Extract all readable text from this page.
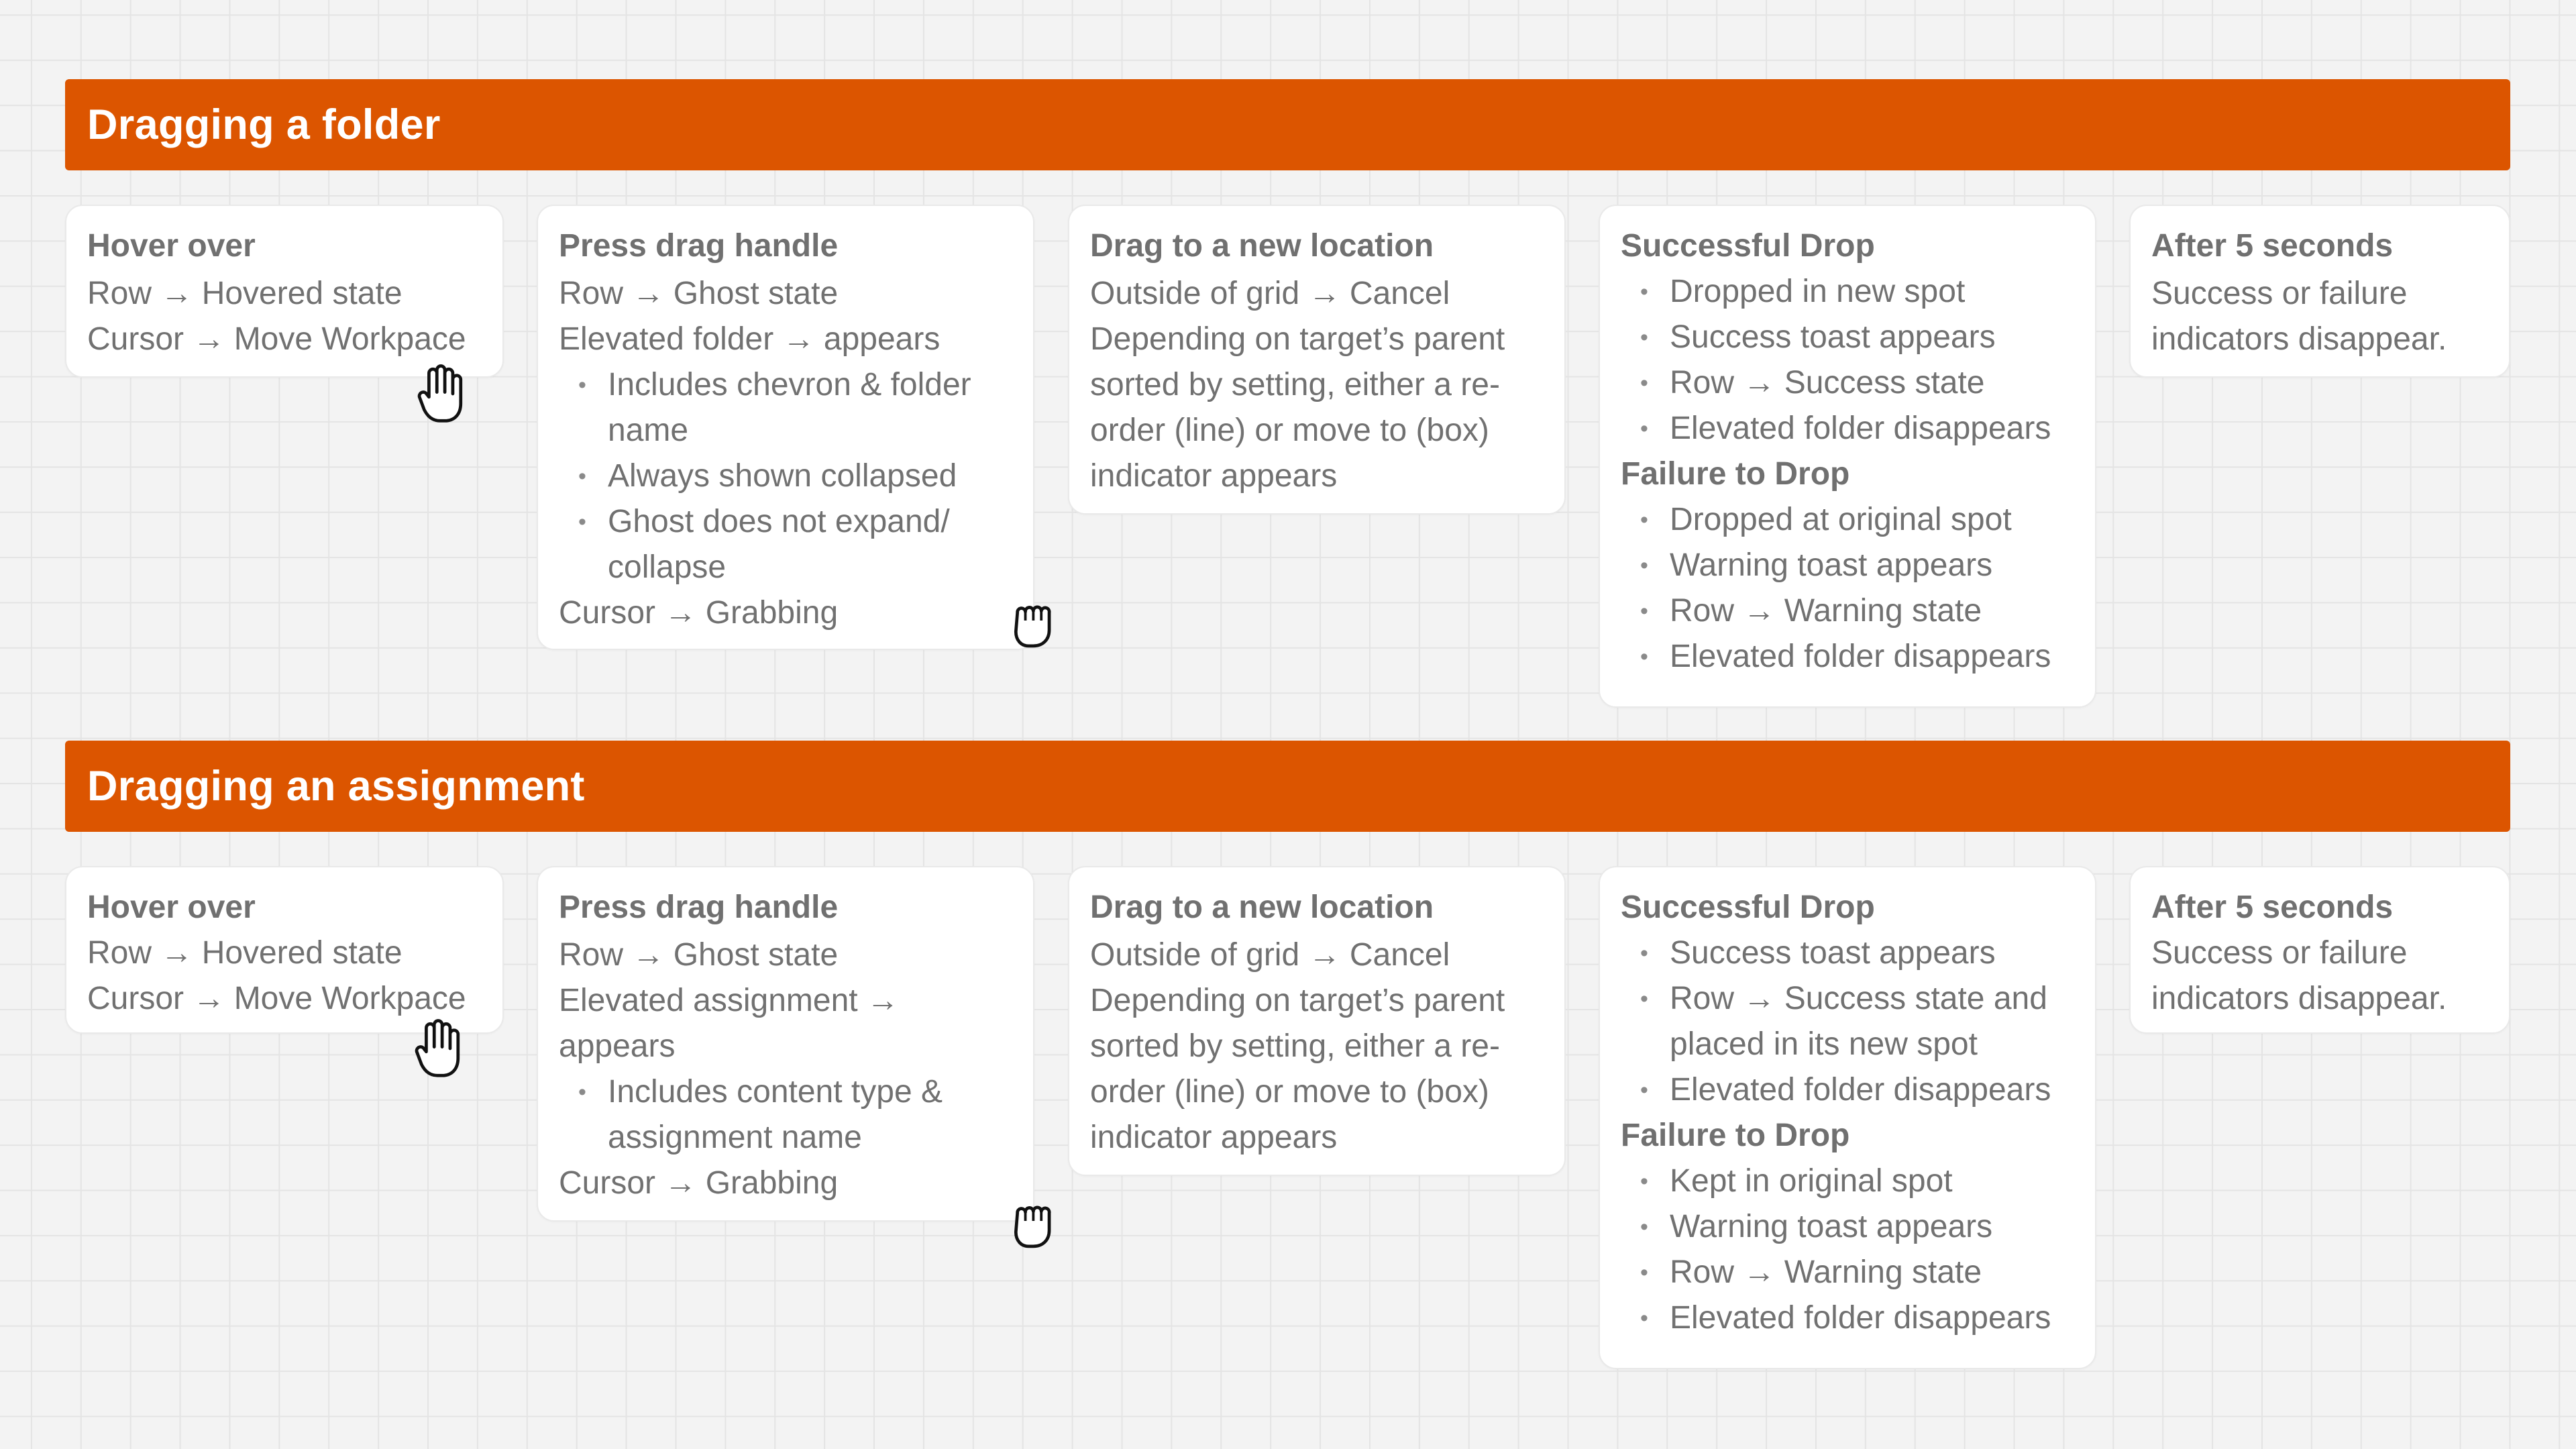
Dragging a folder
Hover over
Row → Hovered state
Cursor → Move Workpace
Press drag handle
Row → Ghost state
Elevated folder → appears
• Includes chevron & folder name
• Always shown collapsed
• Ghost does not expand/ collapse
Cursor → Grabbing
Drag to a new location
Outside of grid → Cancel
Depending on target’s parent sorted by setting, either a re-order (line) or move to (box) indicator appears
Successful Drop
• Dropped in new spot
• Success toast appears
• Row → Success state
• Elevated folder disappears
Failure to Drop
• Dropped at original spot
• Warning toast appears
• Row → Warning state
• Elevated folder disappears
After 5 seconds
Success or failure indicators disappear.
Dragging an assignment
Hover over
Row → Hovered state
Cursor → Move Workpace
Press drag handle
Row → Ghost state
Elevated assignment → appears
• Includes content type & assignment name
Cursor → Grabbing
Drag to a new location
Outside of grid → Cancel
Depending on target’s parent sorted by setting, either a re-order (line) or move to (box) indicator appears
Successful Drop
• Success toast appears
• Row → Success state and placed in its new spot
• Elevated folder disappears
Failure to Drop
• Kept in original spot
• Warning toast appears
• Row → Warning state
• Elevated folder disappears
After 5 seconds
Success or failure indicators disappear.
